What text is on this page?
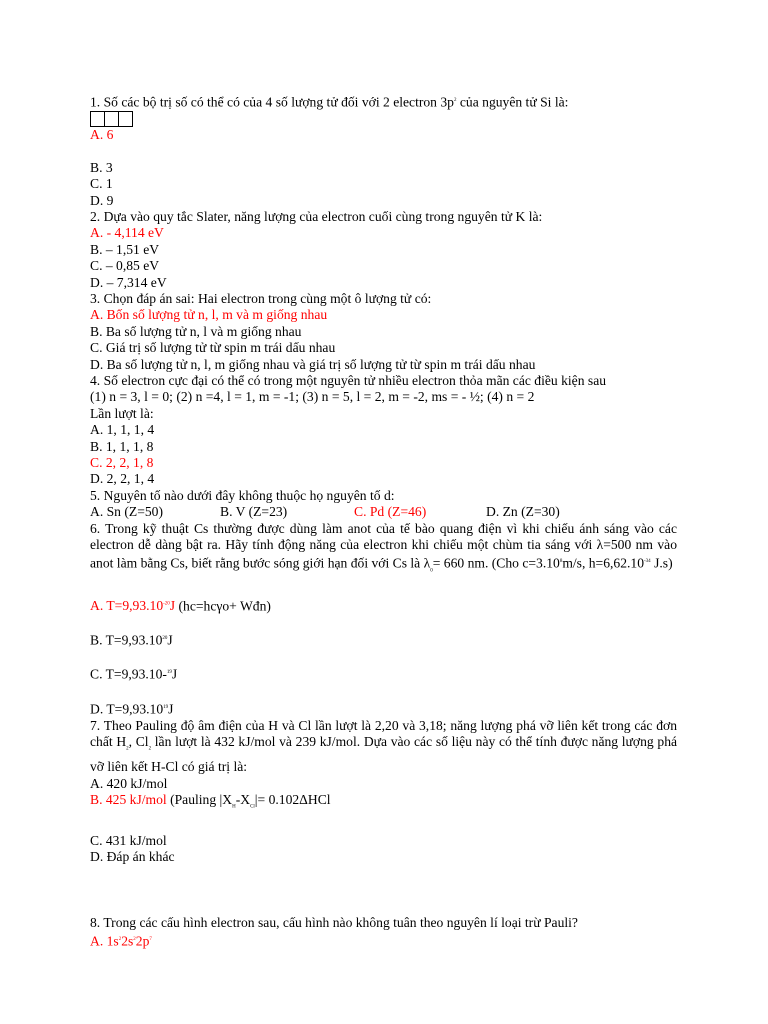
1. Số các bộ trị số có thể có của 4 số lượng tử đối với 2 electron $3p^2$ của nguyên tử Si là:
A. 6
B. 3
C. 1
D. 9
2. Dựa vào quy tắc Slater, năng lượng của electron cuối cùng trong nguyên tử K là:
A. - 4,114 eV
B. – 1,51 eV
C. – 0,85 eV
D. – 7,314 eV
3. Chọn đáp án sai: Hai electron trong cùng một ô lượng tử có:
A. Bốn số lượng tử n, l, m và m giống nhau
B. Ba số lượng tử n, l và m giống nhau
C. Giá trị số lượng tử từ spin m trái dấu nhau
D. Ba số lượng tử n, l, m giống nhau và giá trị số lượng tử từ spin m trái dấu nhau
4. Số electron cực đại có thể có trong một nguyên tử nhiều electron thỏa mãn các điều kiện sau
(1) n = 3, l = 0; (2) n =4, l = 1, m = -1; (3) n = 5, l = 2, m = -2, ms = - ½; (4) n = 2
Lần lượt là:
A. 1, 1, 1, 4
B. 1, 1, 1, 8
C. 2, 2, 1, 8
D. 2, 2, 1, 4
5. Nguyên tố nào dưới đây không thuộc họ nguyên tố d:
A. Sn (Z=50)	B. V (Z=23)	C. Pd (Z=46)	D. Zn (Z=30)
6. Trong kỹ thuật Cs thường được dùng làm anot của tế bào quang điện vì khi chiếu ánh sáng vào các electron dễ dàng bật ra. Hãy tính động năng của electron khi chiếu một chùm tia sáng với λ=500 nm vào anot làm bằng Cs, biết rằng bước sóng giới hạn đối với Cs là $\lambda_0= 660$ nm. (Cho $c=3.10^8m/s$, $h=6,62.10^{-34}$ J.s)
A. $T=9,93.10^{-20}J$ (hc=hcγo+ Wđn)
B. $T=9,93.10^{20}J$
C. T=9,93.10-$^{19}$J
D. $T=9,93.10^{19}J$
7. Theo Pauling độ âm điện của H và Cl lần lượt là 2,20 và 3,18; năng lượng phá vỡ liên kết trong các đơn chất $H_2$, $Cl_2$ lần lượt là 432 kJ/mol và 239 kJ/mol. Dựa vào các số liệu này có thể tính được năng lượng phá vỡ liên kết H-Cl có giá trị là:
A. 420 kJ/mol
B. 425 kJ/mol (Pauling $|X_H-X_{Cl}|= 0.102\Delta HCl$
C. 431 kJ/mol
D. Đáp án khác
8. Trong các cấu hình electron sau, cấu hình nào không tuân theo nguyên lí loại trừ Pauli?
A. $1s^22s^22p^7$
